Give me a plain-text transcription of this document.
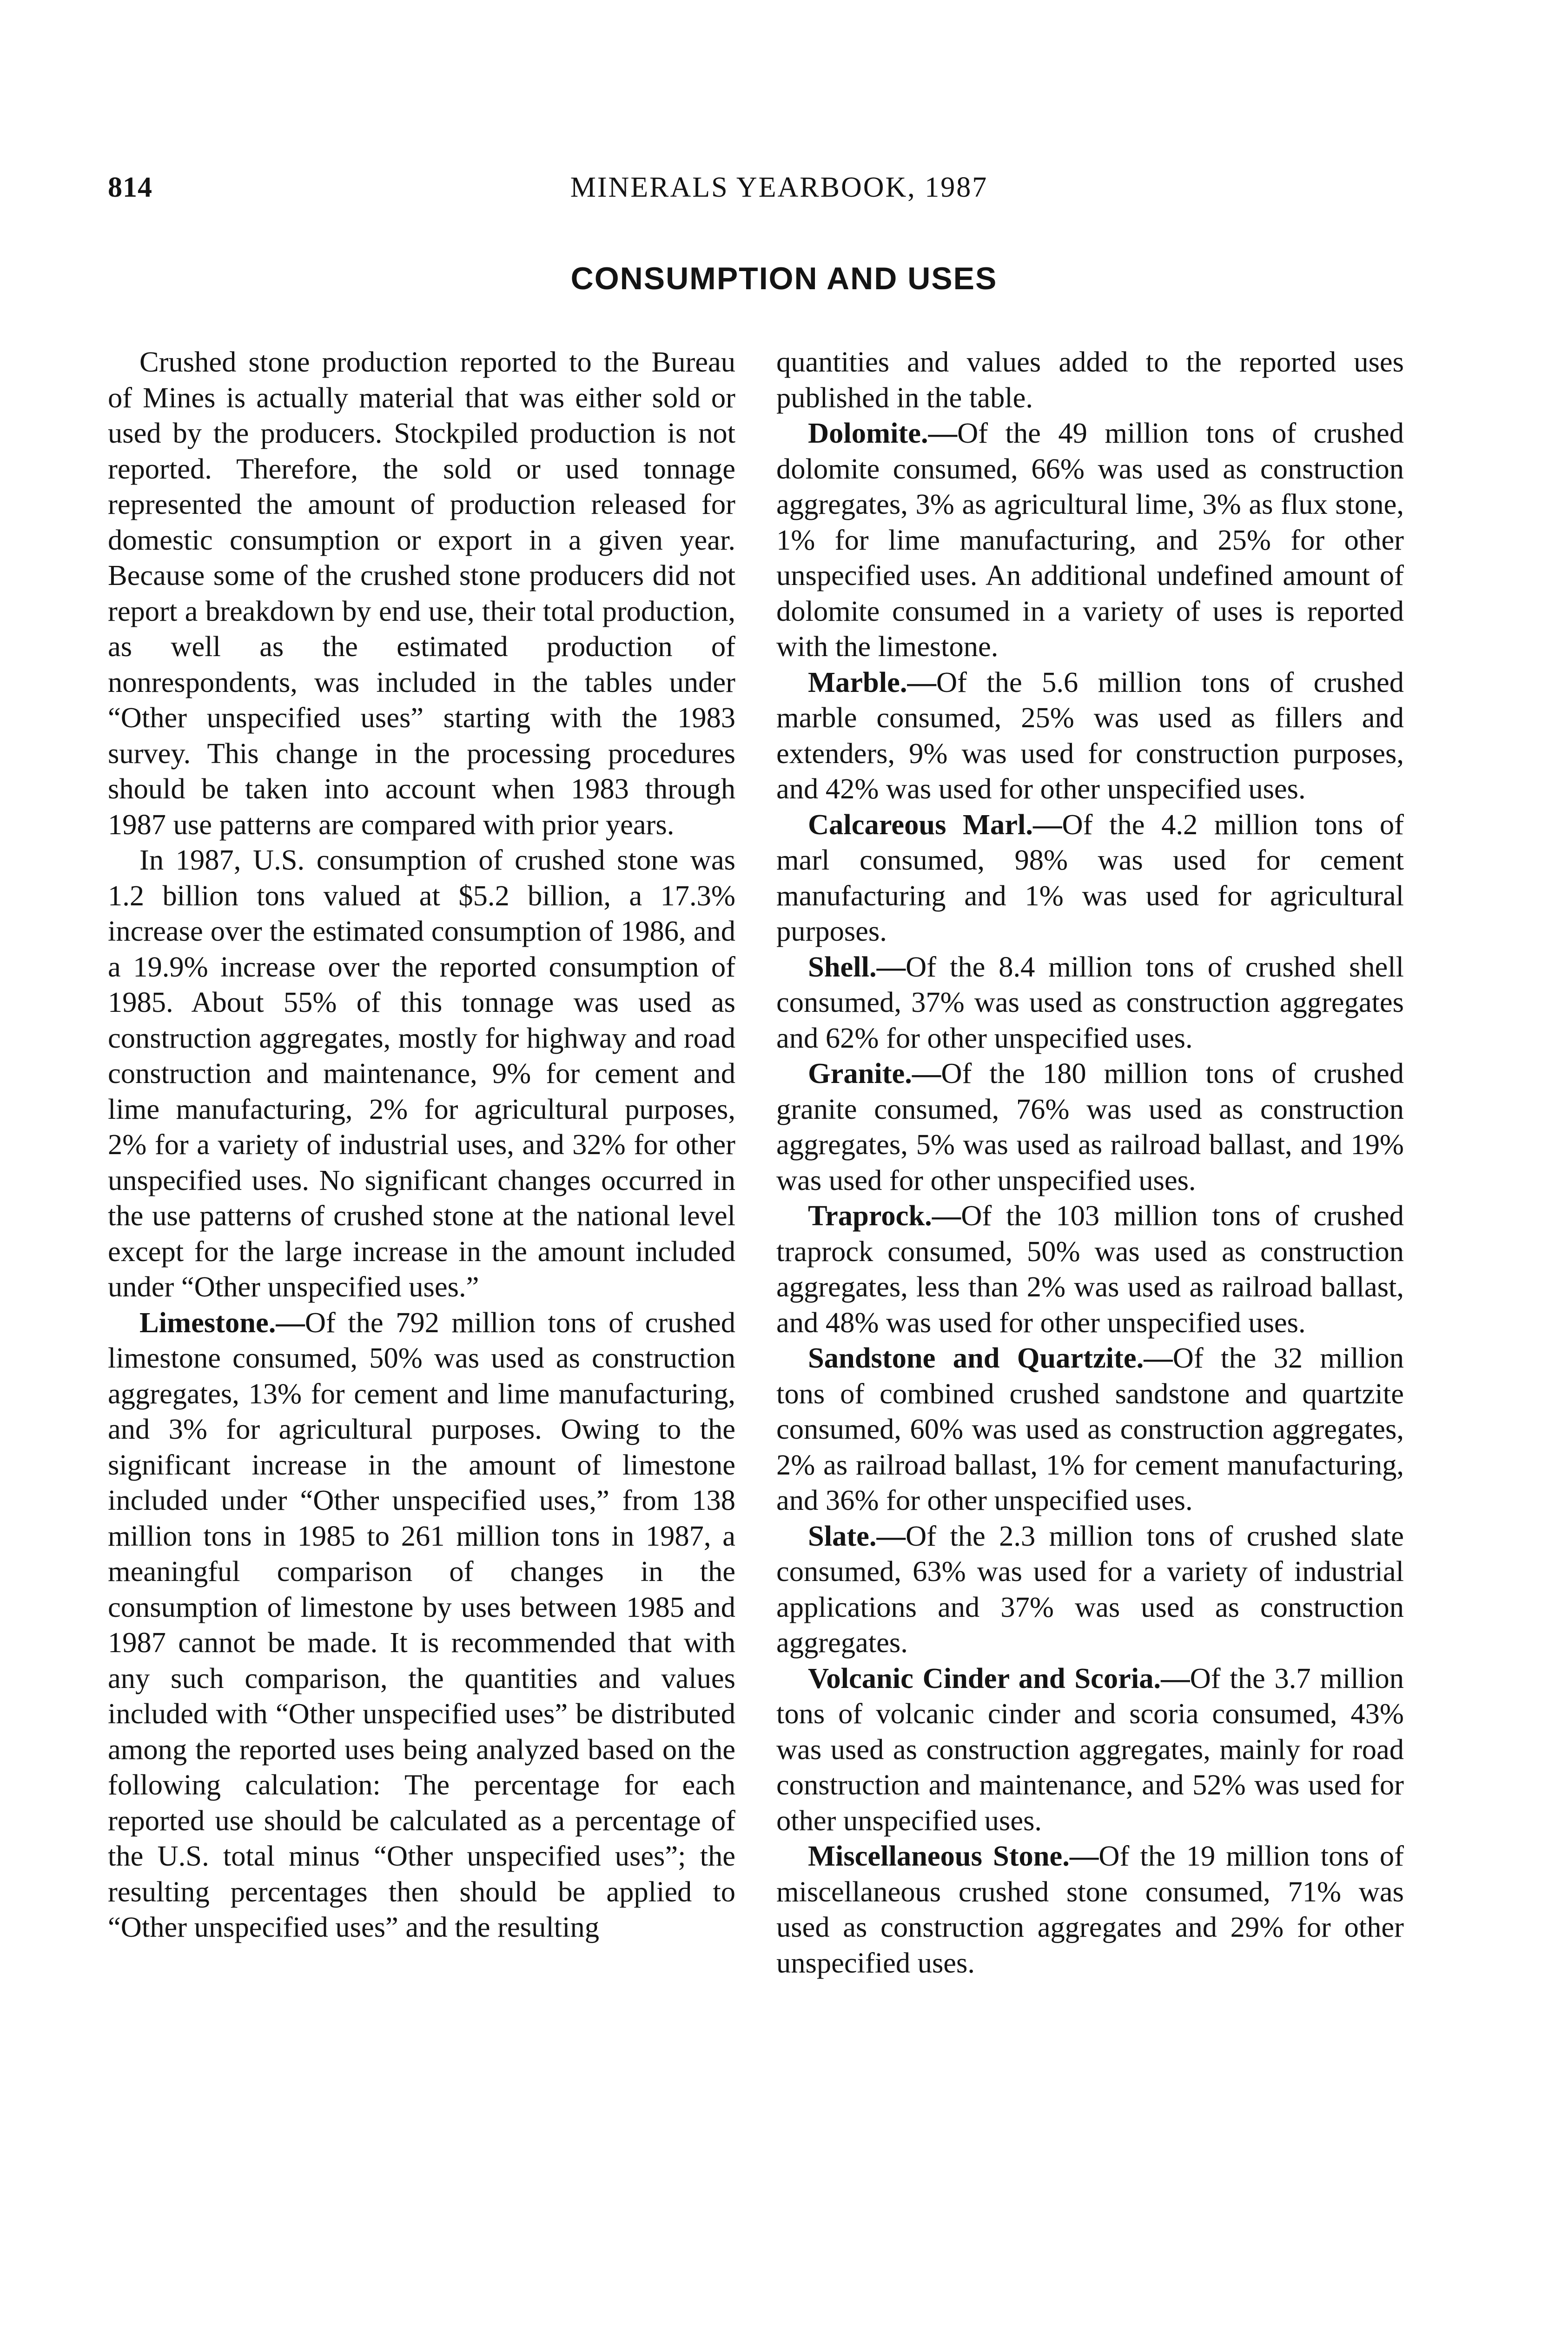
814	MINERALS YEARBOOK, 1987
CONSUMPTION AND USES

Crushed stone production reported to the Bureau of Mines is actually material that was either sold or used by the producers. Stockpiled production is not reported. Therefore, the sold or used tonnage represented the amount of production released for domestic consumption or export in a given year. Because some of the crushed stone producers did not report a breakdown by end use, their total production, as well as the estimated production of nonrespondents, was included in the tables under “Other unspecified uses” starting with the 1983 survey. This change in the processing procedures should be taken into account when 1983 through 1987 use patterns are compared with prior years.

In 1987, U.S. consumption of crushed stone was 1.2 billion tons valued at $5.2 billion, a 17.3% increase over the estimated consumption of 1986, and a 19.9% increase over the reported consumption of 1985. About 55% of this tonnage was used as construction aggregates, mostly for highway and road construction and maintenance, 9% for cement and lime manufacturing, 2% for agricultural purposes, 2% for a variety of industrial uses, and 32% for other unspecified uses. No significant changes occurred in the use patterns of crushed stone at the national level except for the large increase in the amount included under “Other unspecified uses.”

Limestone.—Of the 792 million tons of crushed limestone consumed, 50% was used as construction aggregates, 13% for cement and lime manufacturing, and 3% for agricultural purposes. Owing to the significant increase in the amount of limestone included under “Other unspecified uses,” from 138 million tons in 1985 to 261 million tons in 1987, a meaningful comparison of changes in the consumption of limestone by uses between 1985 and 1987 cannot be made. It is recommended that with any such comparison, the quantities and values included with “Other unspecified uses” be distributed among the reported uses being analyzed based on the following calculation: The percentage for each reported use should be calculated as a percentage of the U.S. total minus “Other unspecified uses”; the resulting percentages then should be applied to “Other unspecified uses” and the resulting

quantities and values added to the reported uses published in the table.

Dolomite.—Of the 49 million tons of crushed dolomite consumed, 66% was used as construction aggregates, 3% as agricultural lime, 3% as flux stone, 1% for lime manufacturing, and 25% for other unspecified uses. An additional undefined amount of dolomite consumed in a variety of uses is reported with the limestone.

Marble.—Of the 5.6 million tons of crushed marble consumed, 25% was used as fillers and extenders, 9% was used for construction purposes, and 42% was used for other unspecified uses.

Calcareous Marl.—Of the 4.2 million tons of marl consumed, 98% was used for cement manufacturing and 1% was used for agricultural purposes.

Shell.—Of the 8.4 million tons of crushed shell consumed, 37% was used as construction aggregates and 62% for other unspecified uses.

Granite.—Of the 180 million tons of crushed granite consumed, 76% was used as construction aggregates, 5% was used as railroad ballast, and 19% was used for other unspecified uses.

Traprock.—Of the 103 million tons of crushed traprock consumed, 50% was used as construction aggregates, less than 2% was used as railroad ballast, and 48% was used for other unspecified uses.

Sandstone and Quartzite.—Of the 32 million tons of combined crushed sandstone and quartzite consumed, 60% was used as construction aggregates, 2% as railroad ballast, 1% for cement manufacturing, and 36% for other unspecified uses.

Slate.—Of the 2.3 million tons of crushed slate consumed, 63% was used for a variety of industrial applications and 37% was used as construction aggregates.

Volcanic Cinder and Scoria.—Of the 3.7 million tons of volcanic cinder and scoria consumed, 43% was used as construction aggregates, mainly for road construction and maintenance, and 52% was used for other unspecified uses.

Miscellaneous Stone.—Of the 19 million tons of miscellaneous crushed stone consumed, 71% was used as construction aggregates and 29% for other unspecified uses.
